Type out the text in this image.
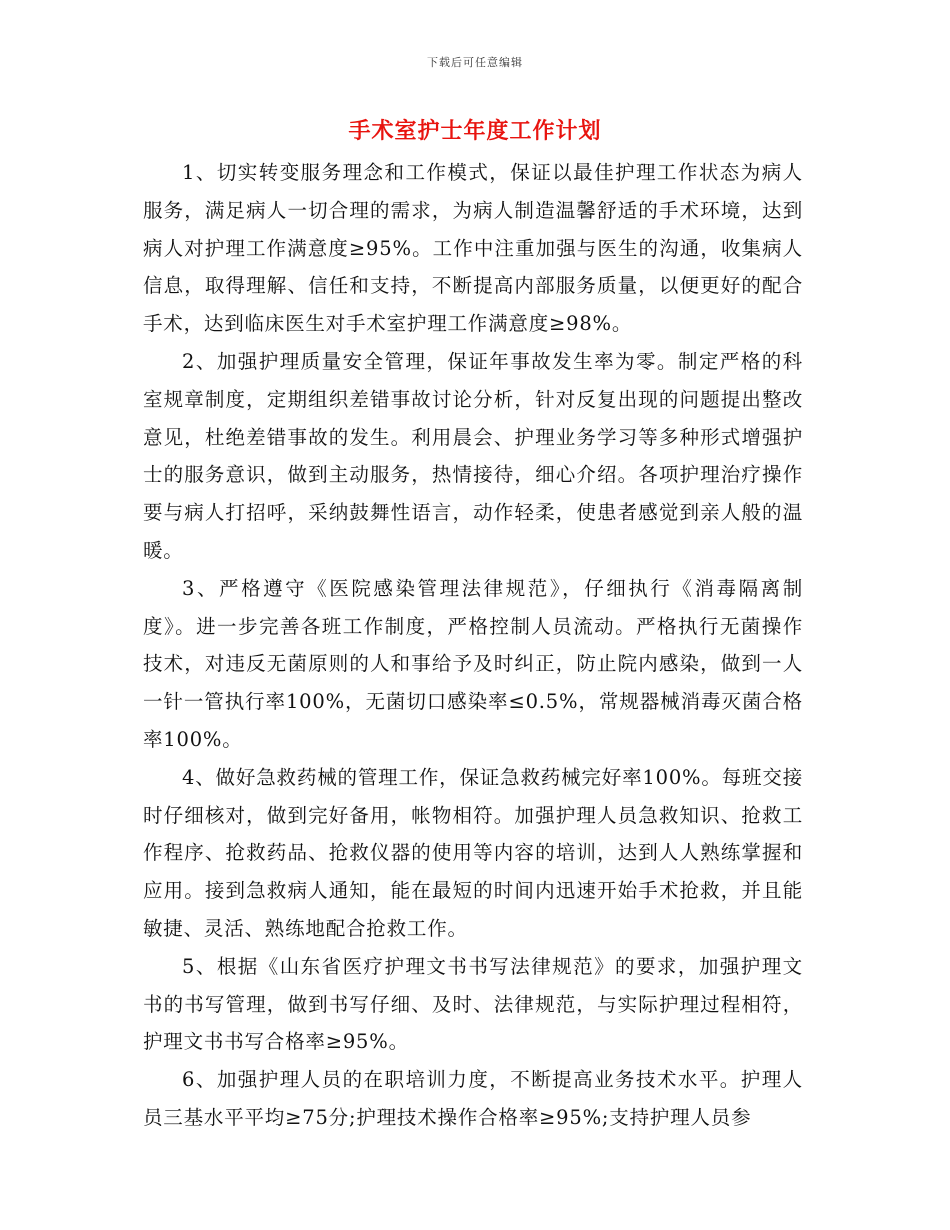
下载后可任意编辑
手术室护士年度工作计划

1、切实转变服务理念和工作模式，保证以最佳护理工作状态为病人服务，满足病人一切合理的需求，为病人制造温馨舒适的手术环境，达到病人对护理工作满意度≥95%。工作中注重加强与医生的沟通，收集病人信息，取得理解、信任和支持，不断提高内部服务质量，以便更好的配合手术，达到临床医生对手术室护理工作满意度≥98%。

2、加强护理质量安全管理，保证年事故发生率为零。制定严格的科室规章制度，定期组织差错事故讨论分析，针对反复出现的问题提出整改意见，杜绝差错事故的发生。利用晨会、护理业务学习等多种形式增强护士的服务意识，做到主动服务，热情接待，细心介绍。各项护理治疗操作要与病人打招呼，采纳鼓舞性语言，动作轻柔，使患者感觉到亲人般的温暖。

3、严格遵守《医院感染管理法律规范》，仔细执行《消毒隔离制度》。进一步完善各班工作制度，严格控制人员流动。严格执行无菌操作技术，对违反无菌原则的人和事给予及时纠正，防止院内感染，做到一人一针一管执行率100%，无菌切口感染率≤0.5%，常规器械消毒灭菌合格率100%。

4、做好急救药械的管理工作，保证急救药械完好率100%。每班交接时仔细核对，做到完好备用，帐物相符。加强护理人员急救知识、抢救工作程序、抢救药品、抢救仪器的使用等内容的培训，达到人人熟练掌握和应用。接到急救病人通知，能在最短的时间内迅速开始手术抢救，并且能敏捷、灵活、熟练地配合抢救工作。

5、根据《山东省医疗护理文书书写法律规范》的要求，加强护理文书的书写管理，做到书写仔细、及时、法律规范，与实际护理过程相符，护理文书书写合格率≥95%。

6、加强护理人员的在职培训力度，不断提高业务技术水平。护理人员三基水平平均≥75分;护理技术操作合格率≥95%;支持护理人员参
